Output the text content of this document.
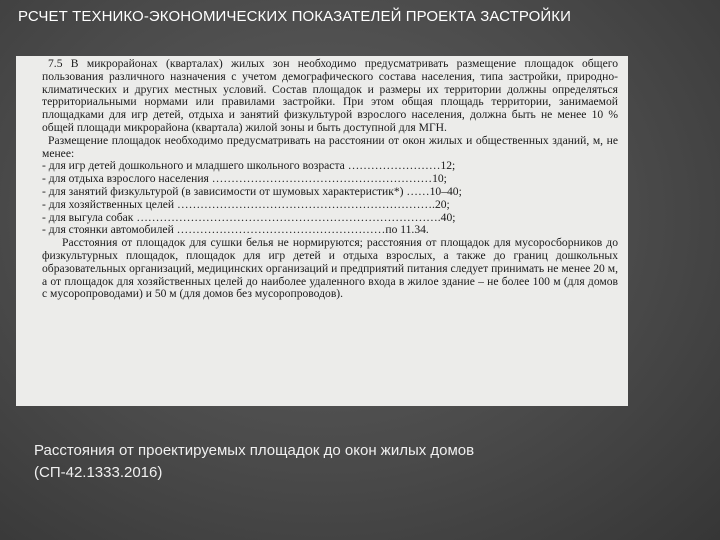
РСЧЕТ ТЕХНИКО-ЭКОНОМИЧЕСКИХ ПОКАЗАТЕЛЕЙ ПРОЕКТА ЗАСТРОЙКИ

7.5 В микрорайонах (кварталах) жилых зон необходимо предусматривать размещение площадок общего пользования различного назначения с учетом демографического состава населения, типа застройки, природно-климатических и других местных условий. Состав площадок и размеры их территории должны определяться территориальными нормами или правилами застройки. При этом общая площадь территории, занимаемой площадками для игр детей, отдыха и занятий физкультурой взрослого населения, должна быть не менее 10 % общей площади микрорайона (квартала) жилой зоны и быть доступной для МГН.

Размещение площадок необходимо предусматривать на расстоянии от окон жилых и общественных зданий, м, не менее:

- для игр детей дошкольного и младшего школьного возраста ……………………12;
- для отдыха взрослого населения …………………………………………………10;
- для занятий физкультурой (в зависимости от шумовых характеристик*) ……10–40;
- для хозяйственных целей ………………………………………………………….20;
- для выгула собак …………………………………………………………………….40;
- для стоянки автомобилей ………………………………………………по 11.34.

Расстояния от площадок для сушки белья не нормируются; расстояния от площадок для мусоросборников до физкультурных площадок, площадок для игр детей и отдыха взрослых, а также до границ дошкольных образовательных организаций, медицинских организаций и предприятий питания следует принимать не менее 20 м, а от площадок для хозяйственных целей до наиболее удаленного входа в жилое здание – не более 100 м (для домов с мусоропроводами) и 50 м (для домов без мусоропроводов).

Расстояния от проектируемых площадок до окон жилых домов
(СП-42.1333.2016)
